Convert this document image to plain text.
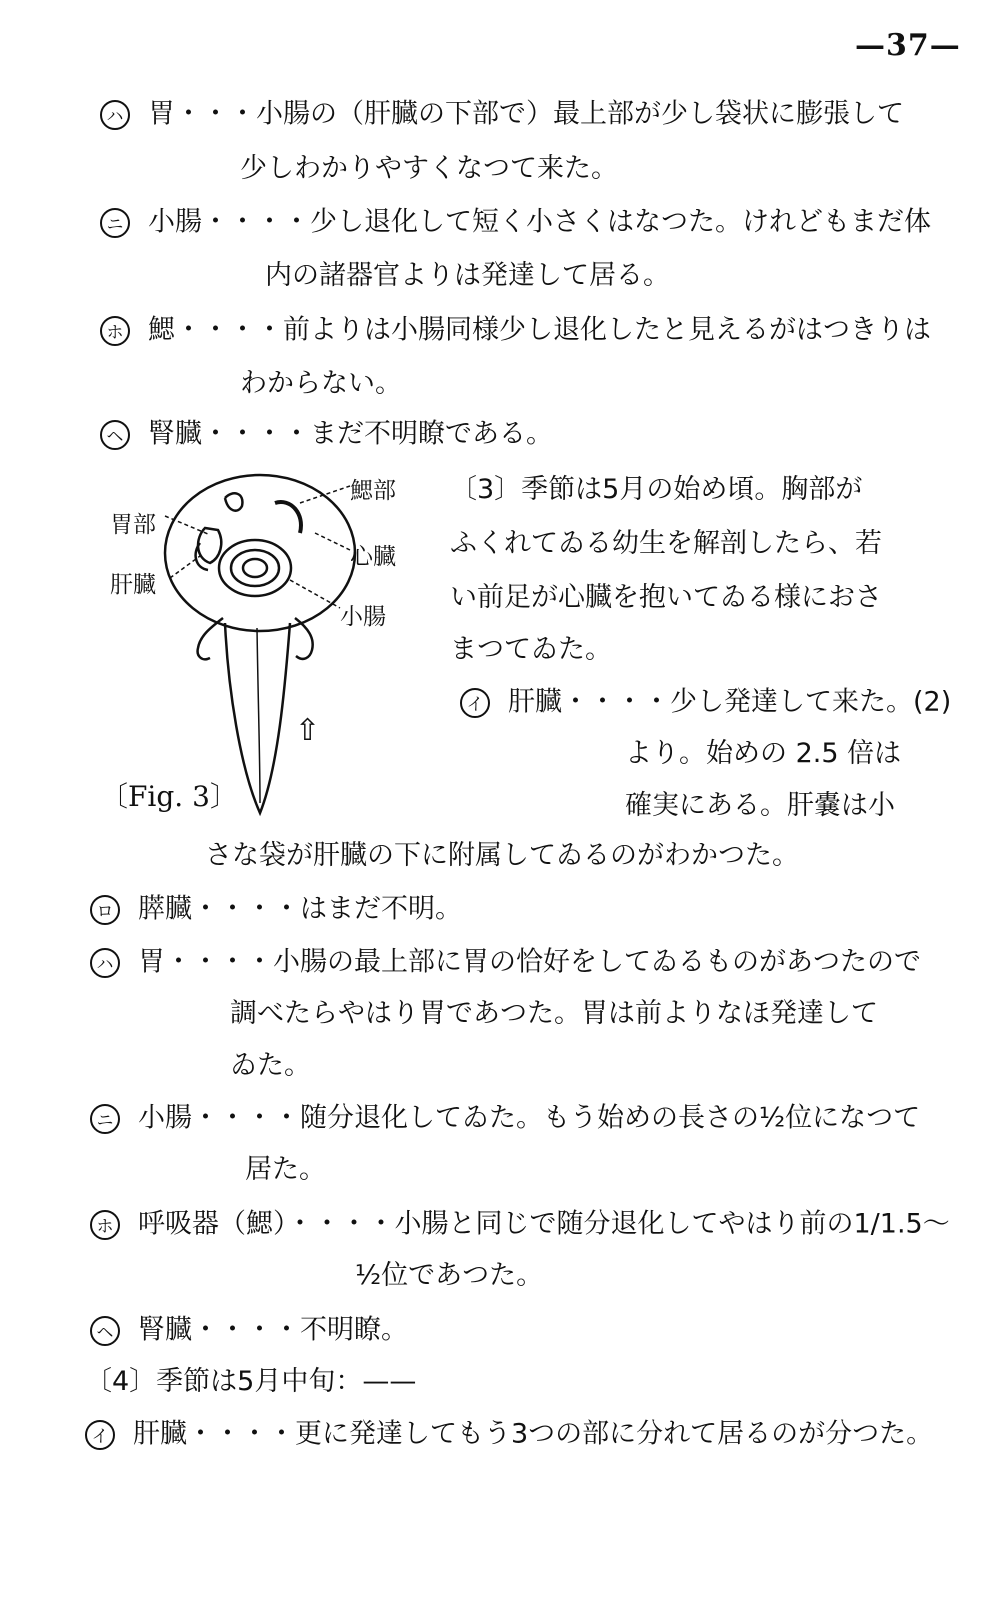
—37—
ハ 胃・・・小腸の（肝臓の下部で）最上部が少し袋状に膨張して
少しわかりやすくなつて来た。
ニ 小腸・・・・少し退化して短く小さくはなつた。けれどもまだ体
内の諸器官よりは発達して居る。
ホ 鰓・・・・前よりは小腸同様少し退化したと見えるがはつきりは
わからない。
ヘ 腎臓・・・・まだ不明瞭である。
〔3〕季節は5月の始め頃。胸部が
ふくれてゐる幼生を解剖したら、若
い前足が心臓を抱いてゐる様におさ
まつてゐた。
イ 肝臓・・・・少し発達して来た。(2)
より。始めの 2.5 倍は
確実にある。肝嚢は小
鰓部
胃部
心臓
肝臓
小腸
⇧
〔Fig. 3〕
さな袋が肝臓の下に附属してゐるのがわかつた。
ロ 膵臓・・・・はまだ不明。
ハ 胃・・・・小腸の最上部に胃の恰好をしてゐるものがあつたので
調べたらやはり胃であつた。胃は前よりなほ発達して
ゐた。
ニ 小腸・・・・随分退化してゐた。もう始めの長さの½位になつて
居た。
ホ 呼吸器（鰓）・・・・小腸と同じで随分退化してやはり前の1/1.5〜
½位であつた。
ヘ 腎臓・・・・不明瞭。
〔4〕季節は5月中旬：——
イ 肝臓・・・・更に発達してもう3つの部に分れて居るのが分つた。
